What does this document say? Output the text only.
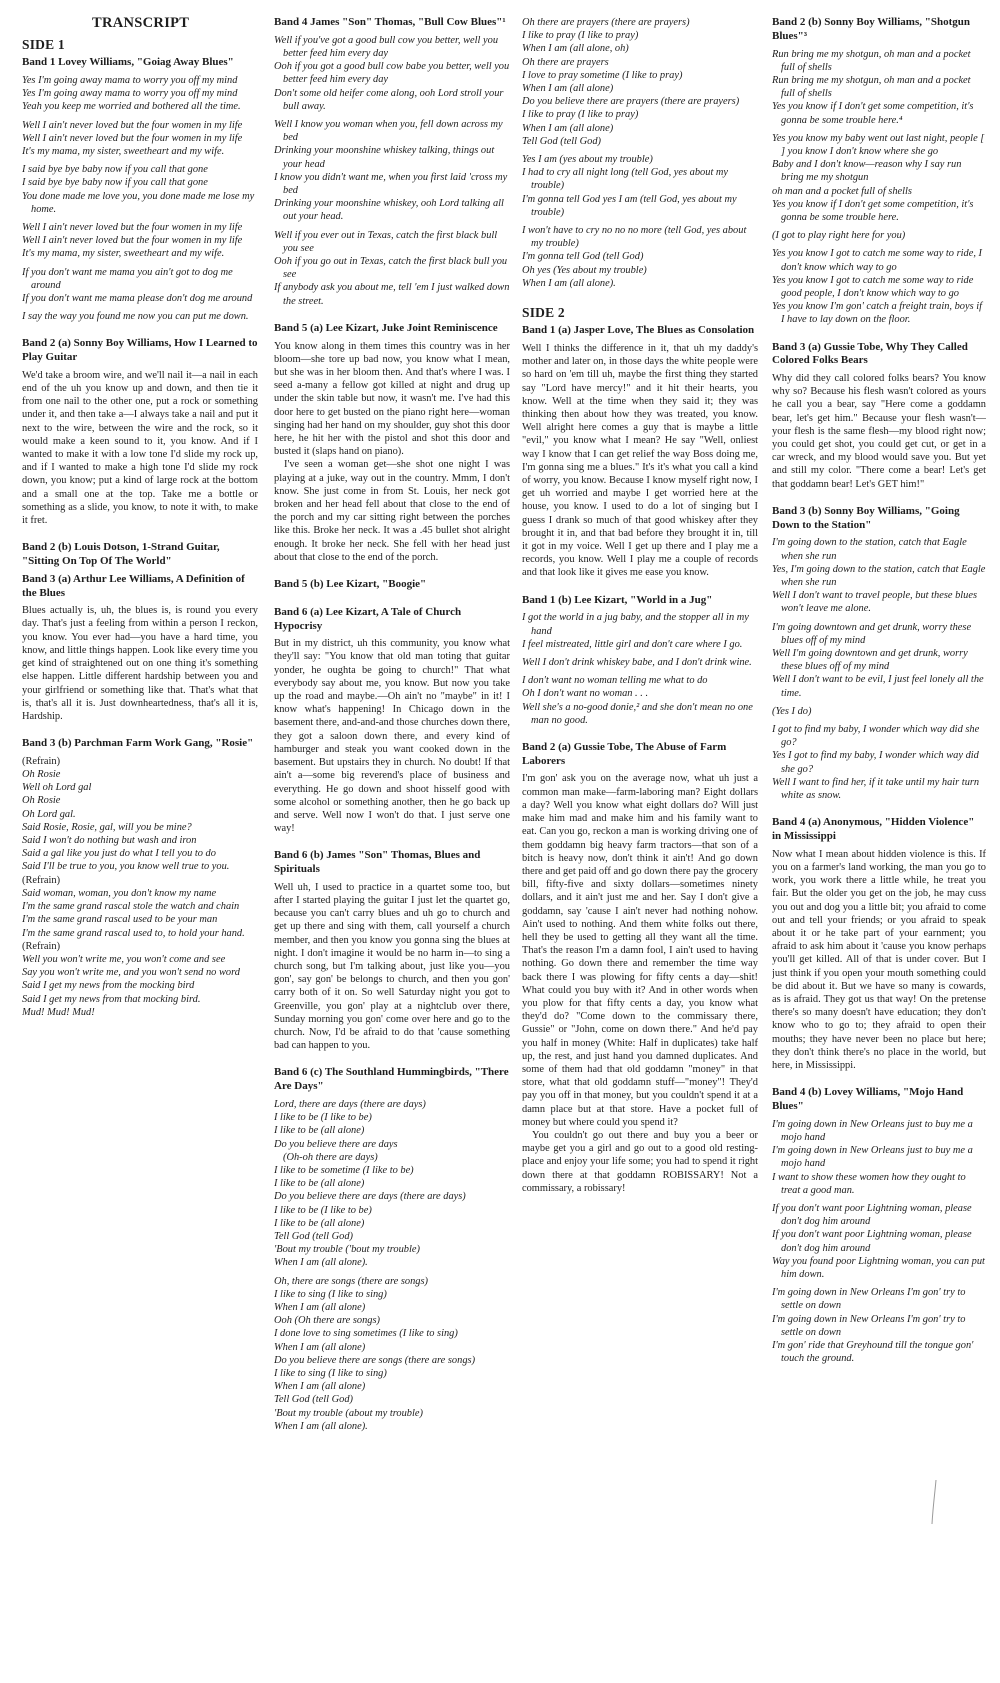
TRANSCRIPT
SIDE 1
Band 1 Lovey Williams, "Goiag Away Blues"
Yes I'm going away mama to worry you off my mind
Yes I'm going away mama to worry you off my mind
Yeah you keep me worried and bothered all the time.
Well I ain't never loved but the four women in my life
Well I ain't never loved but the four women in my life
It's my mama, my sister, sweetheart and my wife.
I said bye bye baby now if you call that gone
I said bye bye baby now if you call that gone
You done made me love you, you done made me lose my home.
Well I ain't never loved but the four women in my life
Well I ain't never loved but the four women in my life
It's my mama, my sister, sweetheart and my wife.
If you don't want me mama you ain't got to dog me around
If you don't want me mama please don't dog me around
I say the way you found me now you can put me down.
Band 2 (a) Sonny Boy Williams, How I Learned to Play Guitar

We'd take a broom wire, and we'll nail it—a nail in each end of the uh you know up and down, and then tie it from one nail to the other one, put a rock or something under it, and then take a—I always take a nail and put it next to the wire, between the wire and the rock, so it would make a keen sound to it, you know. And if I wanted to make it with a low tone I'd slide my rock up, and if I wanted to make a high tone I'd slide my rock down, you know; put a kind of large rock at the bottom and a small one at the top. Take me a bottle or something as a slide, you know, to note it with, to make it fret.

Band 2 (b) Louis Dotson, 1-Strand Guitar, "Sitting On Top Of The World"
Band 3 (a) Arthur Lee Williams, A Definition of the Blues

Blues actually is, uh, the blues is, is round you every day. That's just a feeling from within a person I reckon, you know. You ever had—you have a hard time, you know, and little things happen. Look like every time you get kind of straightened out on one thing it's something else happen. Little different hardship between you and your girlfriend or something like that. That's what that is, that's all it is. Just downheartedness, that's all it is, Hardship.

Band 3 (b) Parchman Farm Work Gang, "Rosie"
(Refrain)
Oh Rosie
Well oh Lord gal
Oh Rosie
Oh Lord gal.
Said Rosie, Rosie, gal, will you be mine?
Said I won't do nothing but wash and iron
Said a gal like you just do what I tell you to do
Said I'll be true to you, you know well true to you.
(Refrain)
Said woman, woman, you don't know my name
I'm the same grand rascal stole the watch and chain
I'm the same grand rascal used to be your man
I'm the same grand rascal used to, to hold your hand.
(Refrain)
Well you won't write me, you won't come and see
Say you won't write me, and you won't send no word
Said I get my news from the mocking bird
Said I get my news from that mocking bird.
Mud! Mud! Mud!
Band 4 James "Son" Thomas, "Bull Cow Blues"¹
Well if you've got a good bull cow you better, well you better feed him every day
Ooh if you got a good bull cow babe you better, well you better feed him every day
Don't some old heifer come along, ooh Lord stroll your bull away.
Well I know you woman when you, fell down across my bed
Drinking your moonshine whiskey talking, things out your head
I know you didn't want me, when you first laid 'cross my bed
Drinking your moonshine whiskey, ooh Lord talking all out your head.
Well if you ever out in Texas, catch the first black bull you see
Ooh if you go out in Texas, catch the first black bull you see
If anybody ask you about me, tell 'em I just walked down the street.
Band 5 (a) Lee Kizart, Juke Joint Reminiscence

You know along in them times this country was in her bloom—she tore up bad now, you know what I mean, but she was in her bloom then. And that's where I was. I seed a-many a fellow got killed at night and drug up under the skin table but now, it wasn't me. I've had this door here to get busted on the piano right here—woman singing had her hand on my shoulder, guy shot this door here, he hit her with the pistol and shot this door and busted it (slaps hand on piano).

I've seen a woman get—she shot one night I was playing at a juke, way out in the country. Mmm, I don't know. She just come in from St. Louis, her neck got broken and her head fell about that close to the end of the porch and my car sitting right between the porches like this. Broke her neck. It was a .45 bullet shot alright enough. It broke her neck. She fell with her head just about that close to the end of the porch.

Band 5 (b) Lee Kizart, "Boogie"
Band 6 (a) Lee Kizart, A Tale of Church Hypocrisy

But in my district, uh this community, you know what they'll say: "You know that old man toting that guitar yonder, he oughta be going to church!" That what everybody say about me, you know. But now you take up the road and maybe.—Oh ain't no "maybe" in it! I know what's happening! In Chicago down in the basement there, and-and-and those churches down there, they got a saloon down there, and every kind of hamburger and steak you want cooked down in the basement. But upstairs they in church. No doubt! If that ain't a—some big reverend's place of business and everything. He go down and shoot hisself good with some alcohol or something another, then he go back up and serve. Well now I won't do that. I just serve one way!

Band 6 (b) James "Son" Thomas, Blues and Spirituals

Well uh, I used to practice in a quartet some too, but after I started playing the guitar I just let the quartet go, because you can't carry blues and uh go to church and get up there and sing with them, call yourself a church member, and then you know you gonna sing the blues at night. I don't imagine it would be no harm in—to sing a church song, but I'm talking about, just like you—you gon', say gon' be belongs to church, and then you gon' carry both of it on. So well Saturday night you got to Greenville, you gon' play at a nightclub over there, Sunday morning you gon' come over here and go to the church. Now, I'd be afraid to do that 'cause something bad can happen to you.

Band 6 (c) The Southland Hummingbirds, "There Are Days"
Lord, there are days (there are days)
I like to be (I like to be)
I like to be (all alone)
Do you believe there are days
(Oh-oh there are days)
I like to be sometime (I like to be)
I like to be (all alone)
Do you believe there are days (there are days)
I like to be (I like to be)
I like to be (all alone)
Tell God (tell God)
'Bout my trouble ('bout my trouble)
When I am (all alone).
Oh, there are songs (there are songs)
I like to sing (I like to sing)
When I am (all alone)
Ooh (Oh there are songs)
I done love to sing sometimes (I like to sing)
When I am (all alone)
Do you believe there are songs (there are songs)
I like to sing (I like to sing)
When I am (all alone)
Tell God (tell God)
'Bout my trouble (about my trouble)
When I am (all alone).
Oh there are prayers (there are prayers)
I like to pray (I like to pray)
When I am (all alone, oh)
Oh there are prayers
I love to pray sometime (I like to pray)
When I am (all alone)
Do you believe there are prayers (there are prayers)
I like to pray (I like to pray)
When I am (all alone)
Tell God (tell God)
Yes I am (yes about my trouble)
I had to cry all night long (tell God, yes about my trouble)
I'm gonna tell God yes I am (tell God, yes about my trouble)
I won't have to cry no no no more (tell God, yes about my trouble)
I'm gonna tell God (tell God)
Oh yes (Yes about my trouble)
When I am (all alone).
SIDE 2
Band 1 (a) Jasper Love, The Blues as Consolation

Well I thinks the difference in it, that uh my daddy's mother and later on, in those days the white people were so hard on 'em till uh, maybe the first thing they started say "Lord have mercy!" and it hit their hearts, you know. Well at the time when they said it; they was thinking then about how they was treated, you know. Well alright here comes a guy that is maybe a little "evil," you know what I mean? He say "Well, onliest way I know that I can get relief the way Boss doing me, I'm gonna sing me a blues." It's it's what you call a kind of worry, you know. Because I know myself right now, I get uh worried and maybe I get worried here at the house, you know. I used to do a lot of singing but I guess I drank so much of that good whiskey after they brought it in, and that bad before they brought it in, till it got in my voice. Well I get up there and I play me a records, you know. Well I play me a couple of records and that look like it gives me ease you know.

Band 1 (b) Lee Kizart, "World in a Jug"
I got the world in a jug baby, and the stopper all in my hand
I feel mistreated, little girl and don't care where I go.
Well I don't drink whiskey babe, and I don't drink wine.
I don't want no woman telling me what to do
Oh I don't want no woman . . .
Well she's a no-good donie,² and she don't mean no one man no good.
Band 2 (a) Gussie Tobe, The Abuse of Farm Laborers

I'm gon' ask you on the average now, what uh just a common man make—farm-laboring man? Eight dollars a day? Well you know what eight dollars do? Will just make him mad and make him and his family want to eat. Can you go, reckon a man is working driving one of them goddamn big heavy farm tractors—that son of a bitch is heavy now, don't think it ain't! And go down there and get paid off and go down there pay the grocery bill, fifty-five and sixty dollars—sometimes ninety dollars, and it ain't just me and her. Say I don't give a goddamn, say 'cause I ain't never had nothing nohow. Ain't used to nothing. And them white folks out there, hell they be used to getting all they want all the time. That's the reason I'm a damn fool, I ain't used to having nothing. Go down there and remember the time way back there I was plowing for fifty cents a day—shit! What could you buy with it? And in other words when you plow for that fifty cents a day, you know what they'd do? "Come down to the commissary there, Gussie" or "John, come on down there." And he'd pay you half in money (White: Half in duplicates) take half up, the rest, and just hand you damned duplicates. And some of them had that old goddamn "money" in that store, what that old goddamn stuff—"money"! They'd pay you off in that money, but you couldn't spend it at a damn place but at that store. Have a pocket full of money but where could you spend it?

You couldn't go out there and buy you a beer or maybe get you a girl and go out to a good old resting-place and enjoy your life some; you had to spend it right down there at that goddamn ROBISSARY! Not a commissary, a robissary!

Band 2 (b) Sonny Boy Williams, "Shotgun Blues"³
Run bring me my shotgun, oh man and a pocket full of shells
Run bring me my shotgun, oh man and a pocket full of shells
Yes you know if I don't get some competition, it's gonna be some trouble here.⁴
Yes you know my baby went out last night, people [ ] you know I don't know where she go
Baby and I don't know—reason why I say run bring me my shotgun
oh man and a pocket full of shells
Yes you know if I don't get some competition, it's gonna be some trouble here.
(I got to play right here for you)
Yes you know I got to catch me some way to ride, I don't know which way to go
Yes you know I got to catch me some way to ride good people, I don't know which way to go
Yes you know I'm gon' catch a freight train, boys if I have to lay down on the floor.
Band 3 (a) Gussie Tobe, Why They Called Colored Folks Bears

Why did they call colored folks bears? You know why so? Because his flesh wasn't colored as yours he call you a bear, say "Here come a goddamn bear, let's get him." Because your flesh wasn't—your flesh is the same flesh—my blood right now; you could get shot, you could get cut, or get in a car wreck, and my blood would save you. But yet and still my color. "There come a bear! Let's get that goddamn bear! Let's GET him!"

Band 3 (b) Sonny Boy Williams, "Going Down to the Station"
I'm going down to the station, catch that Eagle when she run
Yes, I'm going down to the station, catch that Eagle when she run
Well I don't want to travel people, but these blues won't leave me alone.
I'm going downtown and get drunk, worry these blues off of my mind
Well I'm going downtown and get drunk, worry these blues off of my mind
Well I don't want to be evil, I just feel lonely all the time.
(Yes I do)
I got to find my baby, I wonder which way did she go?
Yes I got to find my baby, I wonder which way did she go?
Well I want to find her, if it take until my hair turn white as snow.
Band 4 (a) Anonymous, "Hidden Violence" in Mississippi

Now what I mean about hidden violence is this. If you on a farmer's land working, the man you go to work, you work there a little while, he treat you fair. But the older you get on the job, he may cuss you out and dog you a little bit; you afraid to come out and tell your friends; or you afraid to speak about it or he take part of your earnment; you afraid to ask him about it 'cause you know perhaps you'll get killed. All of that is under cover. But I just think if you open your mouth something could be did about it. But we have so many is cowards, as is afraid. They got us that way! On the pretense there's so many doesn't have education; they don't know who to go to; they afraid to open their mouths; they have never been no place but here; they don't think there's no place in the world, but here, in Mississippi.

Band 4 (b) Lovey Williams, "Mojo Hand Blues"
I'm going down in New Orleans just to buy me a mojo hand
I'm going down in New Orleans just to buy me a mojo hand
I want to show these women how they ought to treat a good man.
If you don't want poor Lightning woman, please don't dog him around
If you don't want poor Lightning woman, please don't dog him around
Way you found poor Lightning woman, you can put him down.
I'm going down in New Orleans I'm gon' try to settle on down
I'm going down in New Orleans I'm gon' try to settle on down
I'm gon' ride that Greyhound till the tongue gon' touch the ground.
